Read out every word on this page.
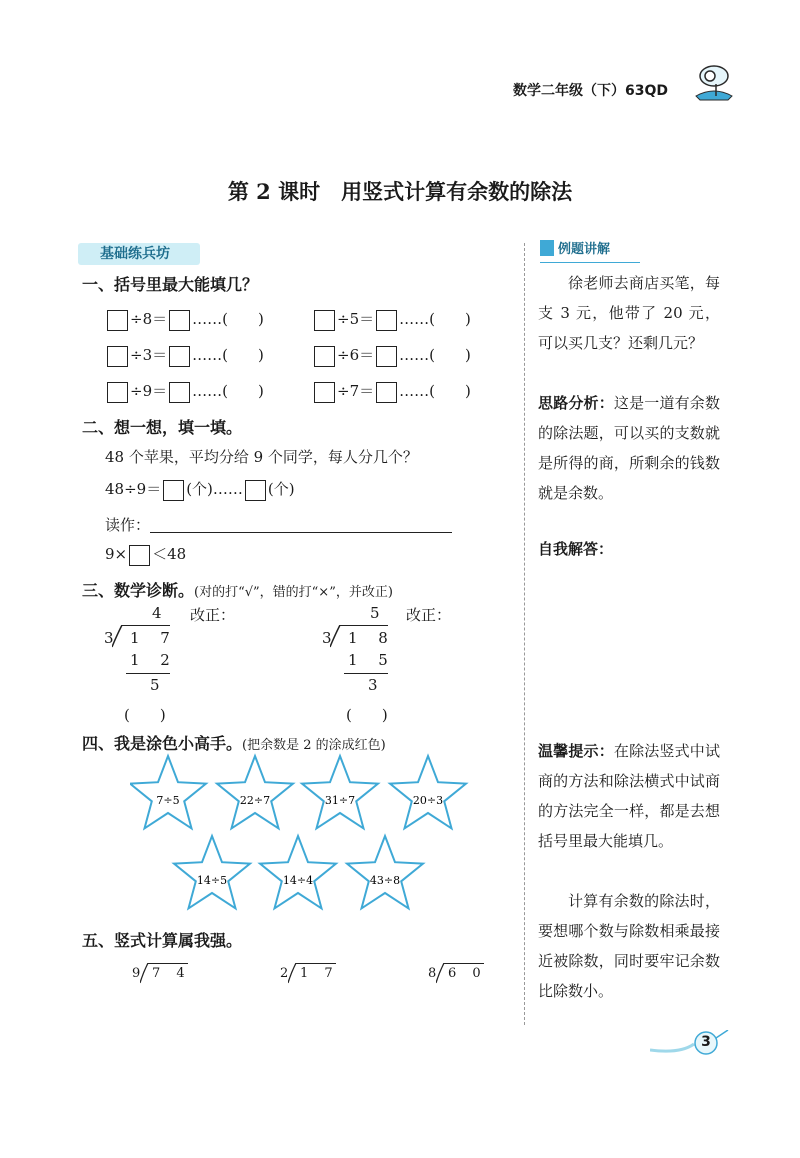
数学二年级（下）63QD
第 2 课时　用竖式计算有余数的除法
基础练兵坊
一、括号里最大能填几？
÷8＝ ……(　　)	÷5＝ ……(　　)
÷3＝ ……(　　)	÷6＝ ……(　　)
÷9＝ ……(　　)	÷7＝ ……(　　)
二、想一想，填一填。
48 个苹果，平均分给 9 个同学，每人分几个？
48÷9＝ (个)…… (个)
读作：
9× ＜48
三、数学诊断。(对的打“√”，错的打“×”，并改正)
4 改正：
3 1 7
1 2
5
(　　)
5 改正：
3 1 8
1 5
3
(　　)
四、我是涂色小高手。(把余数是 2 的涂成红色)
7÷5	22÷7	31÷7	20÷3
14÷5	14÷4	43÷8
五、竖式计算属我强。
9 7 4	2 1 7	8 6 0
例题讲解
徐老师去商店买笔，每支 3 元，他带了 20 元，可以买几支？还剩几元？
思路分析：这是一道有余数的除法题，可以买的支数就是所得的商，所剩余的钱数就是余数。
自我解答：
温馨提示：在除法竖式中试商的方法和除法横式中试商的方法完全一样，都是去想括号里最大能填几。
计算有余数的除法时，要想哪个数与除数相乘最接近被除数，同时要牢记余数比除数小。
3
